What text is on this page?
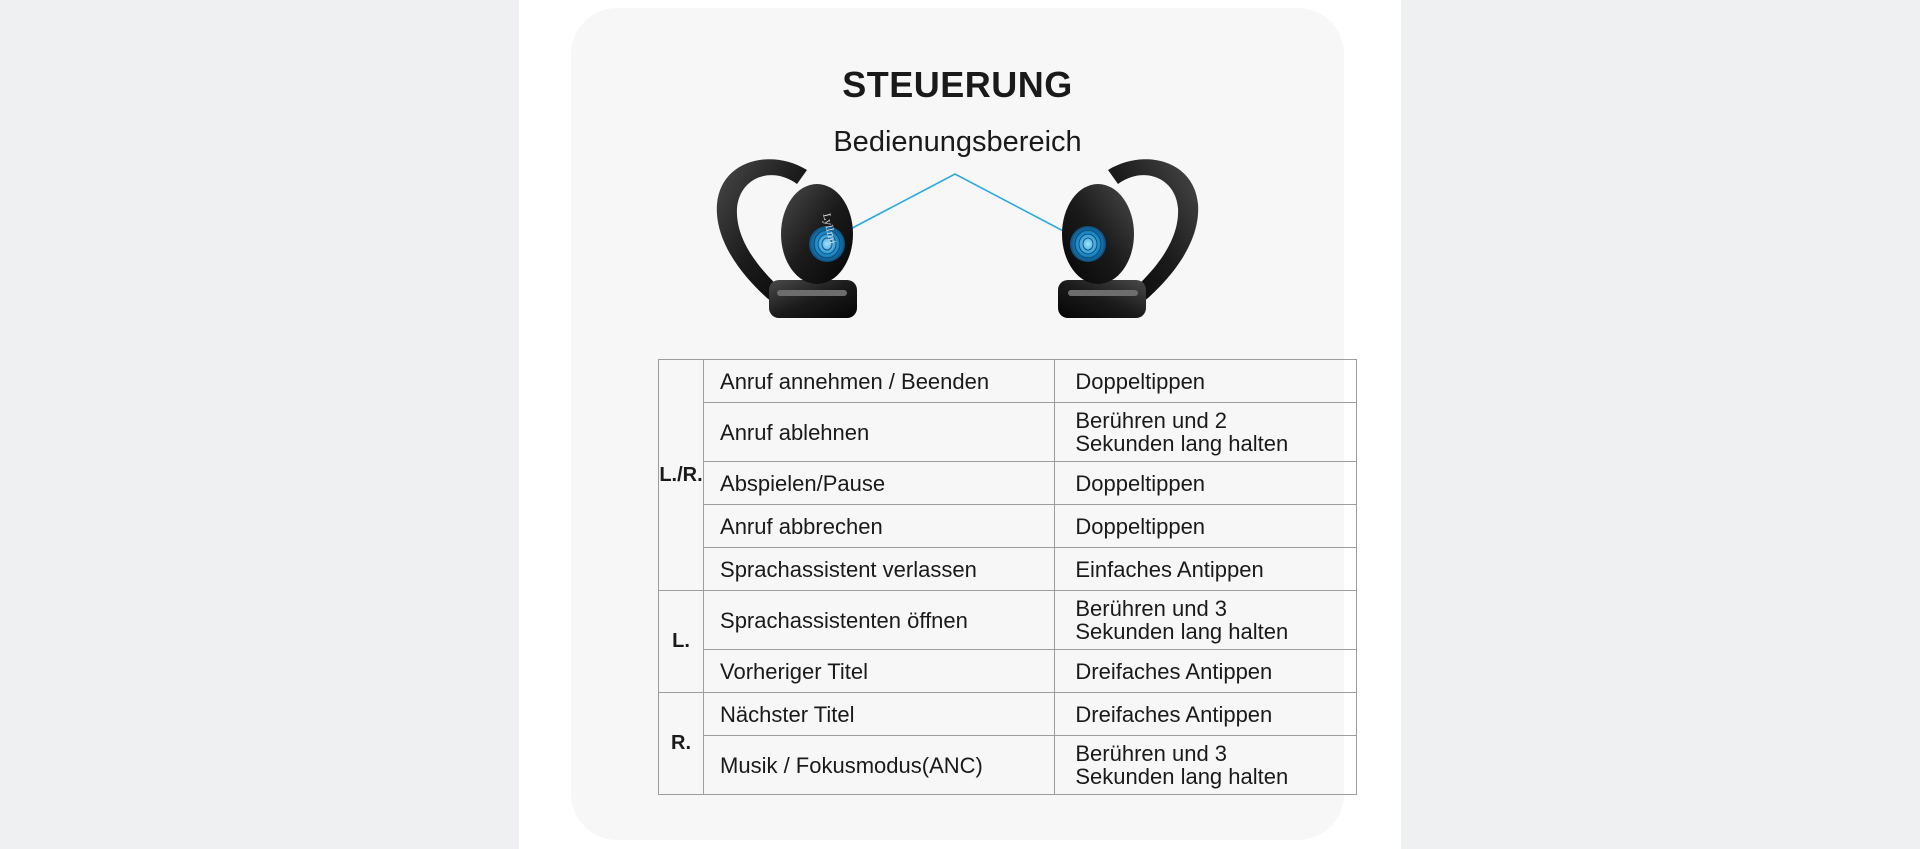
STEUERUNG
Bedienungsbereich
Lyllmi
L./R.	Anruf annehmen / Beenden	Doppeltippen
	Anruf ablehnen	Berühren und 2
Sekunden lang halten
	Abspielen/Pause	Doppeltippen
	Anruf abbrechen	Doppeltippen
	Sprachassistent verlassen	Einfaches Antippen
L.	Sprachassistenten öffnen	Berühren und 3
Sekunden lang halten
	Vorheriger Titel	Dreifaches Antippen
R.	Nächster Titel	Dreifaches Antippen
	Musik / Fokusmodus(ANC)	Berühren und 3
Sekunden lang halten
